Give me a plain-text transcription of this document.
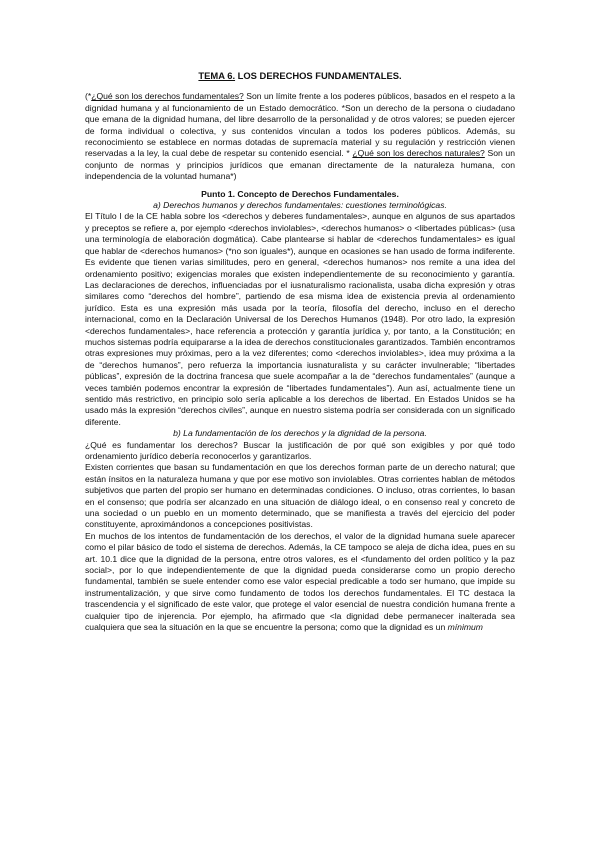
TEMA 6. LOS DERECHOS FUNDAMENTALES.

(*¿Qué son los derechos fundamentales? Son un límite frente a los poderes públicos, basados en el respeto a la dignidad humana y al funcionamiento de un Estado democrático. *Son un derecho de la persona o ciudadano que emana de la dignidad humana, del libre desarrollo de la personalidad y de otros valores; se pueden ejercer de forma individual o colectiva, y sus contenidos vinculan a todos los poderes públicos. Además, su reconocimiento se establece en normas dotadas de supremacía material y su regulación y restricción vienen reservadas a la ley, la cual debe de respetar su contenido esencial. * ¿Qué son los derechos naturales? Son un conjunto de normas y principios jurídicos que emanan directamente de la naturaleza humana, con independencia de la voluntad humana*)

Punto 1. Concepto de Derechos Fundamentales.
a) Derechos humanos y derechos fundamentales: cuestiones terminológicas.

El Título I de la CE habla sobre los <derechos y deberes fundamentales>, aunque en algunos de sus apartados y preceptos se refiere a, por ejemplo <derechos inviolables>, <derechos humanos> o <libertades públicas> (usa una terminología de elaboración dogmática). Cabe plantearse si hablar de <derechos fundamentales> es igual que hablar de <derechos humanos> (*no son iguales*), aunque en ocasiones se han usado de forma indiferente. Es evidente que tienen varias similitudes, pero en general, <derechos humanos> nos remite a una idea del ordenamiento positivo; exigencias morales que existen independientemente de su reconocimiento y garantía. Las declaraciones de derechos, influenciadas por el iusnaturalismo racionalista, usaba dicha expresión y otras similares como “derechos del hombre”, partiendo de esa misma idea de existencia previa al ordenamiento jurídico. Esta es una expresión más usada por la teoría, filosofía del derecho, incluso en el derecho internacional, como en la Declaración Universal de los Derechos Humanos (1948). Por otro lado, la expresión <derechos fundamentales>, hace referencia a protección y garantía jurídica y, por tanto, a la Constitución; en muchos sistemas podría equipararse a la idea de derechos constitucionales garantizados. También encontramos otras expresiones muy próximas, pero a la vez diferentes; como <derechos inviolables>, idea muy próxima a la de “derechos humanos”, pero refuerza la importancia iusnaturalista y su carácter invulnerable; “libertades públicas”, expresión de la doctrina francesa que suele acompañar a la de “derechos fundamentales” (aunque a veces también podemos encontrar la expresión de “libertades fundamentales”). Aun así, actualmente tiene un sentido más restrictivo, en principio solo sería aplicable a los derechos de libertad. En Estados Unidos se ha usado más la expresión “derechos civiles”, aunque en nuestro sistema podría ser considerada con un significado diferente.

b) La fundamentación de los derechos y la dignidad de la persona.

¿Qué es fundamentar los derechos? Buscar la justificación de por qué son exigibles y por qué todo ordenamiento jurídico debería reconocerlos y garantizarlos.

Existen corrientes que basan su fundamentación en que los derechos forman parte de un derecho natural; que están ínsitos en la naturaleza humana y que por ese motivo son inviolables. Otras corrientes hablan de métodos subjetivos que parten del propio ser humano en determinadas condiciones. O incluso, otras corrientes, lo basan en el consenso; que podría ser alcanzado en una situación de diálogo ideal, o en consenso real y concreto de una sociedad o un pueblo en un momento determinado, que se manifiesta a través del ejercicio del poder constituyente, aproximándonos a concepciones positivistas.

En muchos de los intentos de fundamentación de los derechos, el valor de la dignidad humana suele aparecer como el pilar básico de todo el sistema de derechos. Además, la CE tampoco se aleja de dicha idea, pues en su art. 10.1 dice que la dignidad de la persona, entre otros valores, es el <fundamento del orden político y la paz social>, por lo que independientemente de que la dignidad pueda considerarse como un propio derecho fundamental, también se suele entender como ese valor especial predicable a todo ser humano, que impide su instrumentalización, y que sirve como fundamento de todos los derechos fundamentales. El TC destaca la trascendencia y el significado de este valor, que protege el valor esencial de nuestra condición humana frente a cualquier tipo de injerencia. Por ejemplo, ha afirmado que <la dignidad debe permanecer inalterada sea cualquiera que sea la situación en la que se encuentre la persona; como que la dignidad es un mínimum
